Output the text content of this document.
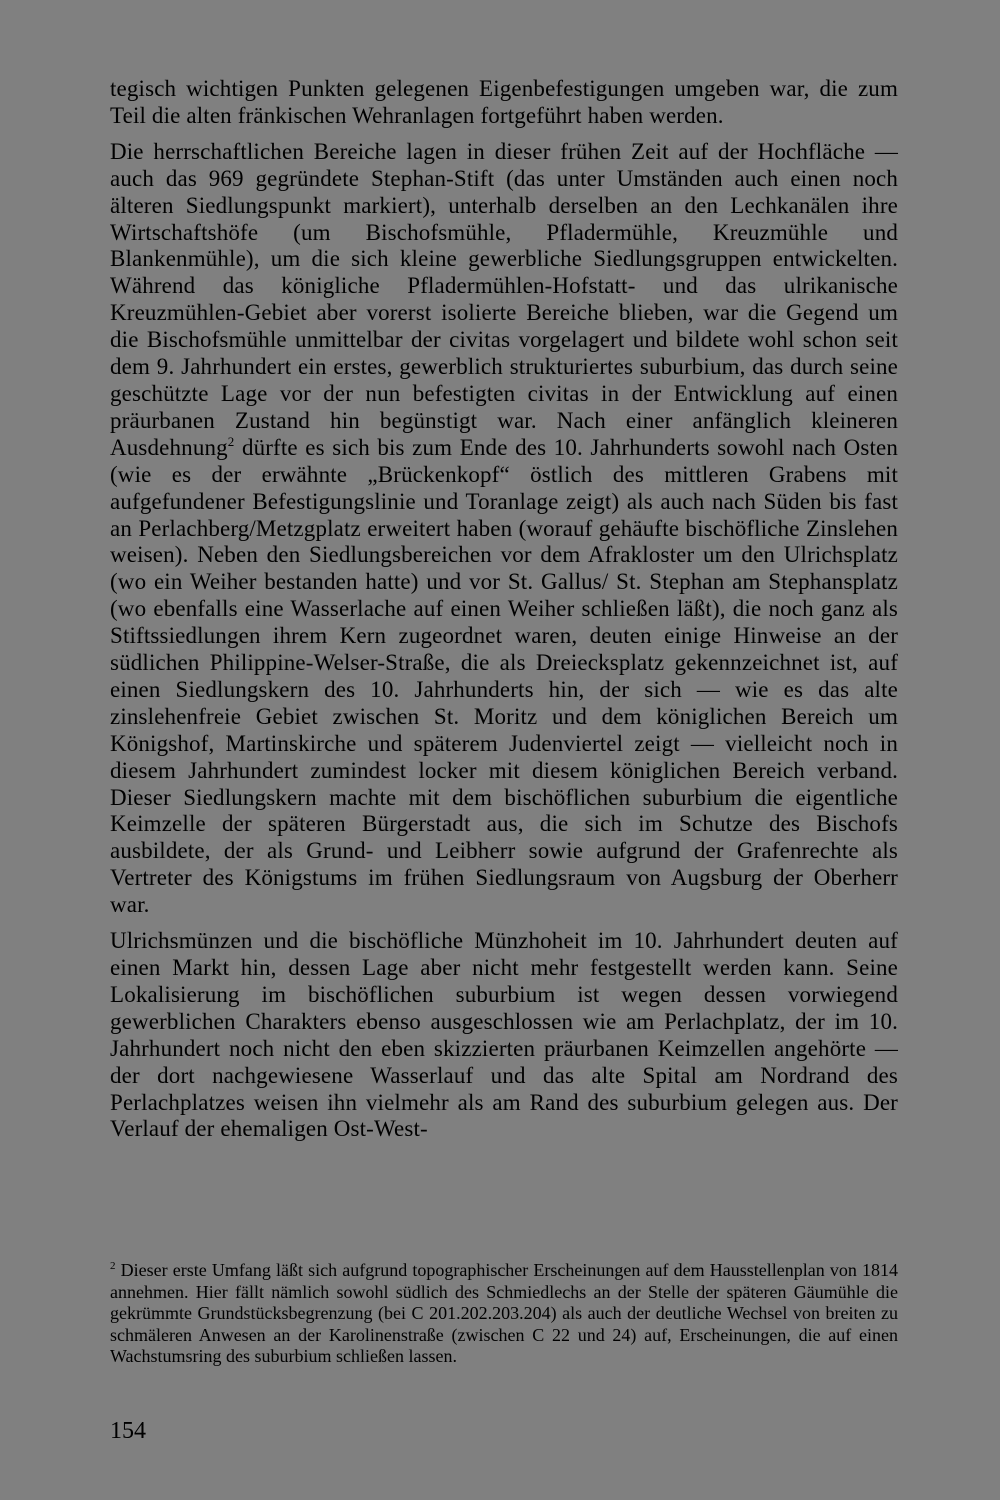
tegisch wichtigen Punkten gelegenen Eigenbefestigungen umgeben war, die zum Teil die alten fränkischen Wehranlagen fortgeführt haben werden.

Die herrschaftlichen Bereiche lagen in dieser frühen Zeit auf der Hochfläche — auch das 969 gegründete Stephan-Stift (das unter Umständen auch einen noch älteren Siedlungspunkt markiert), unterhalb derselben an den Lechkanälen ihre Wirtschaftshöfe (um Bischofsmühle, Pfladermühle, Kreuzmühle und Blankenmühle), um die sich kleine gewerbliche Siedlungsgruppen entwickelten. Während das königliche Pfladermühlen-Hofstatt- und das ulrikanische Kreuzmühlen-Gebiet aber vorerst isolierte Bereiche blieben, war die Gegend um die Bischofsmühle unmittelbar der civitas vorgelagert und bildete wohl schon seit dem 9. Jahrhundert ein erstes, gewerblich strukturiertes suburbium, das durch seine geschützte Lage vor der nun befestigten civitas in der Entwicklung auf einen präurbanen Zustand hin begünstigt war. Nach einer anfänglich kleineren Ausdehnung$^2$ dürfte es sich bis zum Ende des 10. Jahrhunderts sowohl nach Osten (wie es der erwähnte „Brückenkopf“ östlich des mittleren Grabens mit aufgefundener Befestigungslinie und Toranlage zeigt) als auch nach Süden bis fast an Perlachberg/Metzgplatz erweitert haben (worauf gehäufte bischöfliche Zinslehen weisen). Neben den Siedlungsbereichen vor dem Afrakloster um den Ulrichsplatz (wo ein Weiher bestanden hatte) und vor St. Gallus/ St. Stephan am Stephansplatz (wo ebenfalls eine Wasserlache auf einen Weiher schließen läßt), die noch ganz als Stiftssiedlungen ihrem Kern zugeordnet waren, deuten einige Hinweise an der südlichen Philippine-Welser-Straße, die als Dreiecksplatz gekennzeichnet ist, auf einen Siedlungskern des 10. Jahrhunderts hin, der sich — wie es das alte zinslehenfreie Gebiet zwischen St. Moritz und dem königlichen Bereich um Königshof, Martinskirche und späterem Judenviertel zeigt — vielleicht noch in diesem Jahrhundert zumindest locker mit diesem königlichen Bereich verband. Dieser Siedlungskern machte mit dem bischöflichen suburbium die eigentliche Keimzelle der späteren Bürgerstadt aus, die sich im Schutze des Bischofs ausbildete, der als Grund- und Leibherr sowie aufgrund der Grafenrechte als Vertreter des Königstums im frühen Siedlungsraum von Augsburg der Oberherr war.

Ulrichsmünzen und die bischöfliche Münzhoheit im 10. Jahrhundert deuten auf einen Markt hin, dessen Lage aber nicht mehr festgestellt werden kann. Seine Lokalisierung im bischöflichen suburbium ist wegen dessen vorwiegend gewerblichen Charakters ebenso ausgeschlossen wie am Perlachplatz, der im 10. Jahrhundert noch nicht den eben skizzierten präurbanen Keimzellen angehörte — der dort nachgewiesene Wasserlauf und das alte Spital am Nordrand des Perlachplatzes weisen ihn vielmehr als am Rand des suburbium gelegen aus. Der Verlauf der ehemaligen Ost-West-

$^2$ Dieser erste Umfang läßt sich aufgrund topographischer Erscheinungen auf dem Hausstellenplan von 1814 annehmen. Hier fällt nämlich sowohl südlich des Schmiedlechs an der Stelle der späteren Gäumühle die gekrümmte Grundstücksbegrenzung (bei C 201.202.203.204) als auch der deutliche Wechsel von breiten zu schmäleren Anwesen an der Karolinenstraße (zwischen C 22 und 24) auf, Erscheinungen, die auf einen Wachstumsring des suburbium schließen lassen.

154
